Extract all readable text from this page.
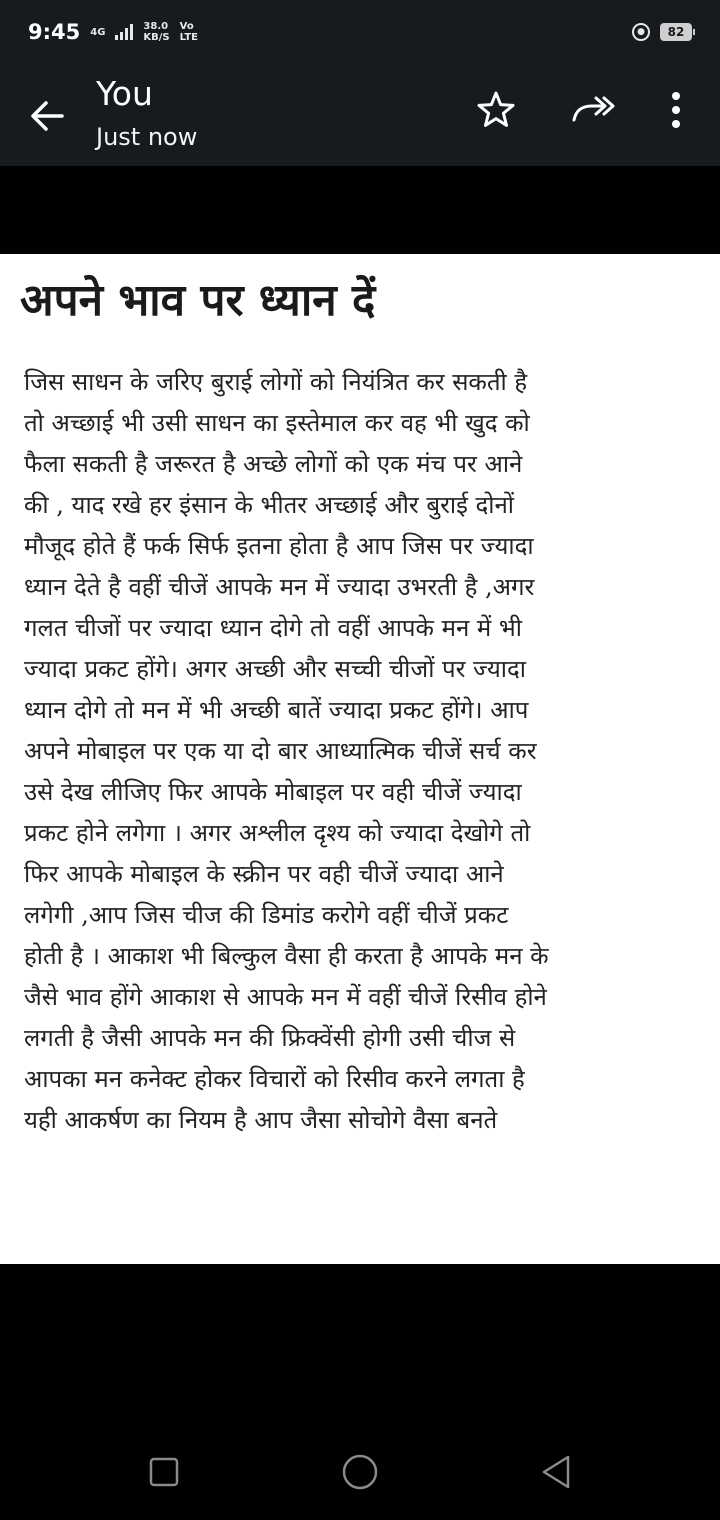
9:45 4G	38.0
KB/S
Vo
LTE	●	82
You
Just now
अपने भाव पर ध्यान दें
जिस साधन के जरिए बुराई लोगों को नियंत्रित कर सकती है
तो अच्छाई भी उसी साधन का इस्तेमाल कर वह भी खुद को
फैला सकती है जरूरत है अच्छे लोगों को एक मंच पर आने
की , याद रखे हर इंसान के भीतर अच्छाई और बुराई दोनों
मौजूद होते हैं फर्क सिर्फ इतना होता है आप जिस पर ज्यादा
ध्यान देते है वहीं चीजें आपके मन में ज्यादा उभरती है ,अगर
गलत चीजों पर ज्यादा ध्यान दोगे तो वहीं आपके मन में भी
ज्यादा प्रकट होंगे। अगर अच्छी और सच्ची चीजों पर ज्यादा
ध्यान दोगे तो मन में भी अच्छी बातें ज्यादा प्रकट होंगे। आप
अपने मोबाइल पर एक या दो बार आध्यात्मिक चीजें सर्च कर
उसे देख लीजिए फिर आपके मोबाइल पर वही चीजें ज्यादा
प्रकट होने लगेगा । अगर अश्लील दृश्य को ज्यादा देखोगे तो
फिर आपके मोबाइल के स्क्रीन पर वही चीजें ज्यादा आने
लगेगी ,आप जिस चीज की डिमांड करोगे वहीं चीजें प्रकट
होती है । आकाश भी बिल्कुल वैसा ही करता है आपके मन के
जैसे भाव होंगे आकाश से आपके मन में वहीं चीजें रिसीव होने
लगती है जैसी आपके मन की फ्रिक्वेंसी होगी उसी चीज से
आपका मन कनेक्ट होकर विचारों को रिसीव करने लगता है
यही आकर्षण का नियम है आप जैसा सोचोगे वैसा बनते
